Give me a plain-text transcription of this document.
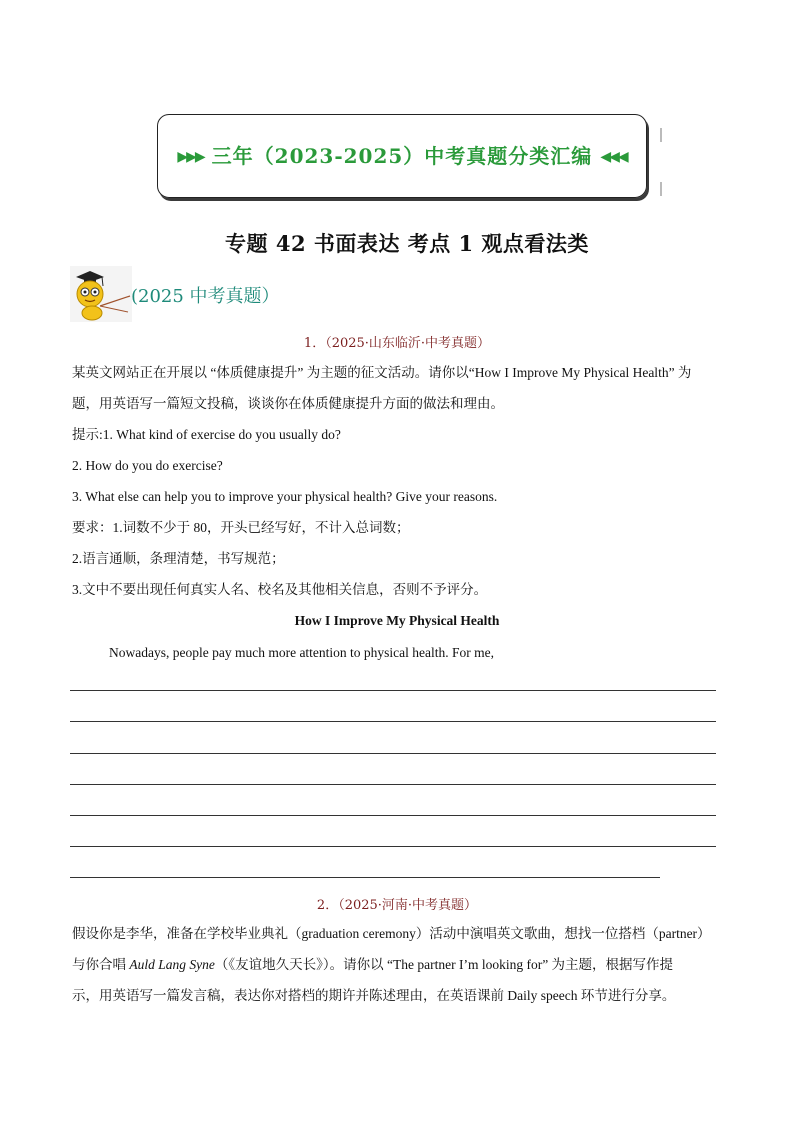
▶▶▶ 三年（2023-2025）中考真题分类汇编 ◀◀◀
专题 42 书面表达 考点 1 观点看法类
(2025 中考真题）
1．（2025·山东临沂·中考真题）
某英文网站正在开展以 “体质健康提升” 为主题的征文活动。请你以“How I Improve My Physical Health” 为
题，用英语写一篇短文投稿，谈谈你在体质健康提升方面的做法和理由。
提示:1. What kind of exercise do you usually do?
2. How do you do exercise?
3. What else can help you to improve your physical health? Give your reasons.
要求：1.词数不少于 80，开头已经写好，不计入总词数；
2.语言通顺，条理清楚，书写规范；
3.文中不要出现任何真实人名、校名及其他相关信息，否则不予评分。
How I Improve My Physical Health
Nowadays, people pay much more attention to physical health. For me,
2．（2025·河南·中考真题）
假设你是李华，准备在学校毕业典礼（graduation ceremony）活动中演唱英文歌曲，想找一位搭档（partner）
与你合唱 Auld Lang Syne（《友谊地久天长》）。请你以 “The partner I’m looking for” 为主题，根据写作提
示，用英语写一篇发言稿，表达你对搭档的期许并陈述理由，在英语课前 Daily speech 环节进行分享。
